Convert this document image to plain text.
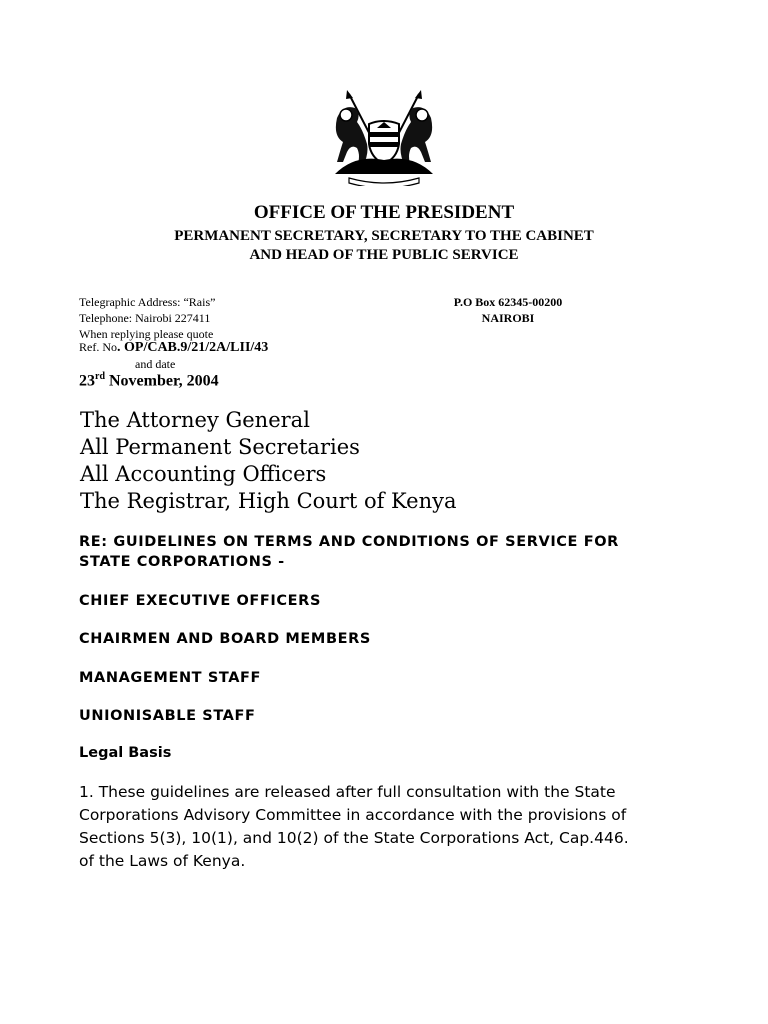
OFFICE OF THE PRESIDENT
PERMANENT SECRETARY, SECRETARY TO THE CABINET
AND HEAD OF THE PUBLIC SERVICE
Telegraphic Address: “Rais”
Telephone: Nairobi 227411
When replying please quote
P.O Box 62345-00200
NAIROBI
Ref. No. OP/CAB.9/21/2A/LII/43
and date
23rd November, 2004
The Attorney General
All Permanent Secretaries
All Accounting Officers
The Registrar, High Court of Kenya
RE: GUIDELINES ON TERMS AND CONDITIONS OF SERVICE FOR
STATE CORPORATIONS -
CHIEF EXECUTIVE OFFICERS
CHAIRMEN AND BOARD MEMBERS
MANAGEMENT STAFF
UNIONISABLE STAFF
Legal Basis
1. These guidelines are released after full consultation with the State
Corporations Advisory Committee in accordance with the provisions of
Sections 5(3), 10(1), and 10(2) of the State Corporations Act, Cap.446.
of the Laws of Kenya.
